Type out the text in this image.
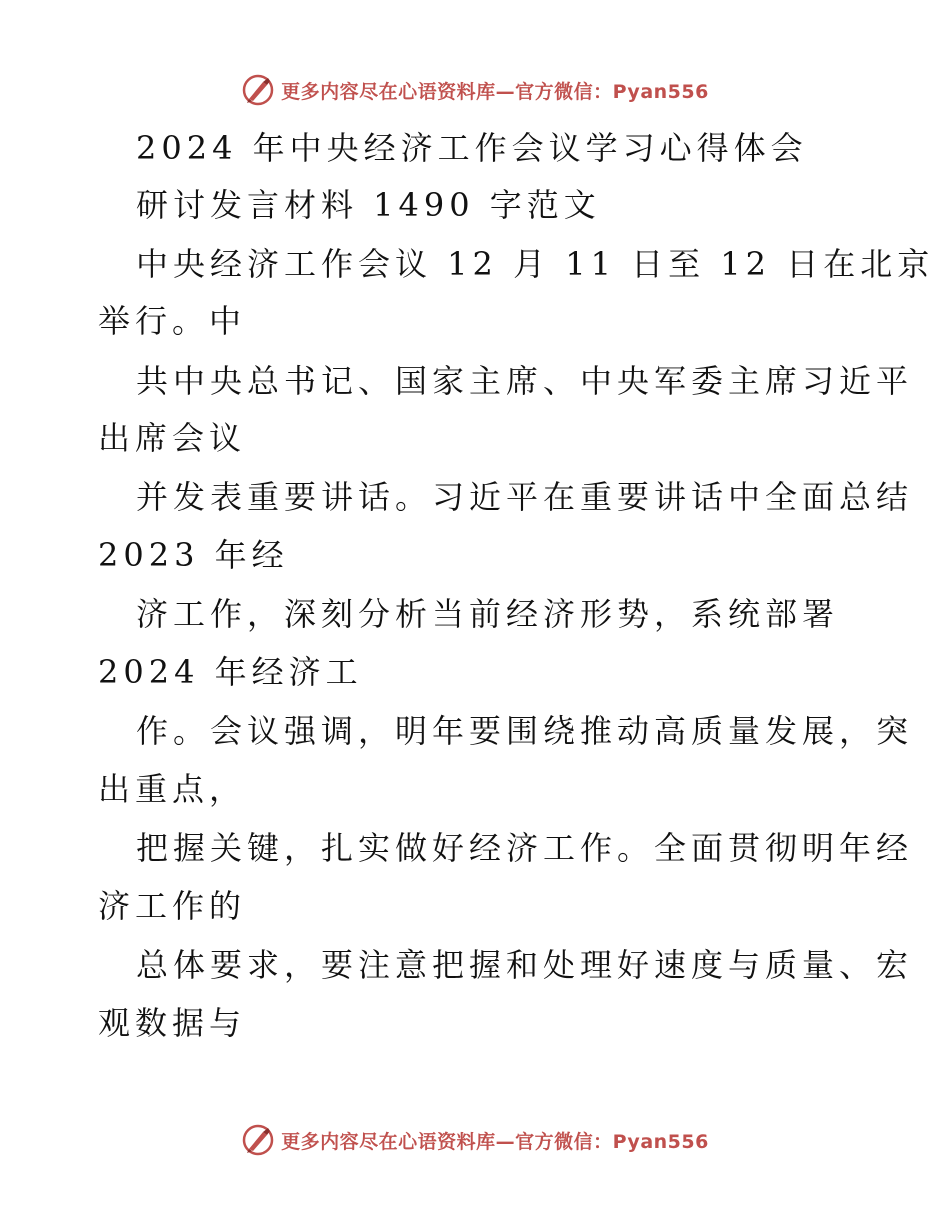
更多内容尽在心语资料库—官方微信：Pyan556
2024 年中央经济工作会议学习心得体会
研讨发言材料 1490 字范文
中央经济工作会议 12 月 11 日至 12 日在北京
举行。中
共中央总书记、国家主席、中央军委主席习近平
出席会议
并发表重要讲话。习近平在重要讲话中全面总结
2023 年经
济工作，深刻分析当前经济形势，系统部署
2024 年经济工
作。会议强调，明年要围绕推动高质量发展，突
出重点，
把握关键，扎实做好经济工作。全面贯彻明年经
济工作的
总体要求，要注意把握和处理好速度与质量、宏
观数据与
更多内容尽在心语资料库—官方微信：Pyan556
